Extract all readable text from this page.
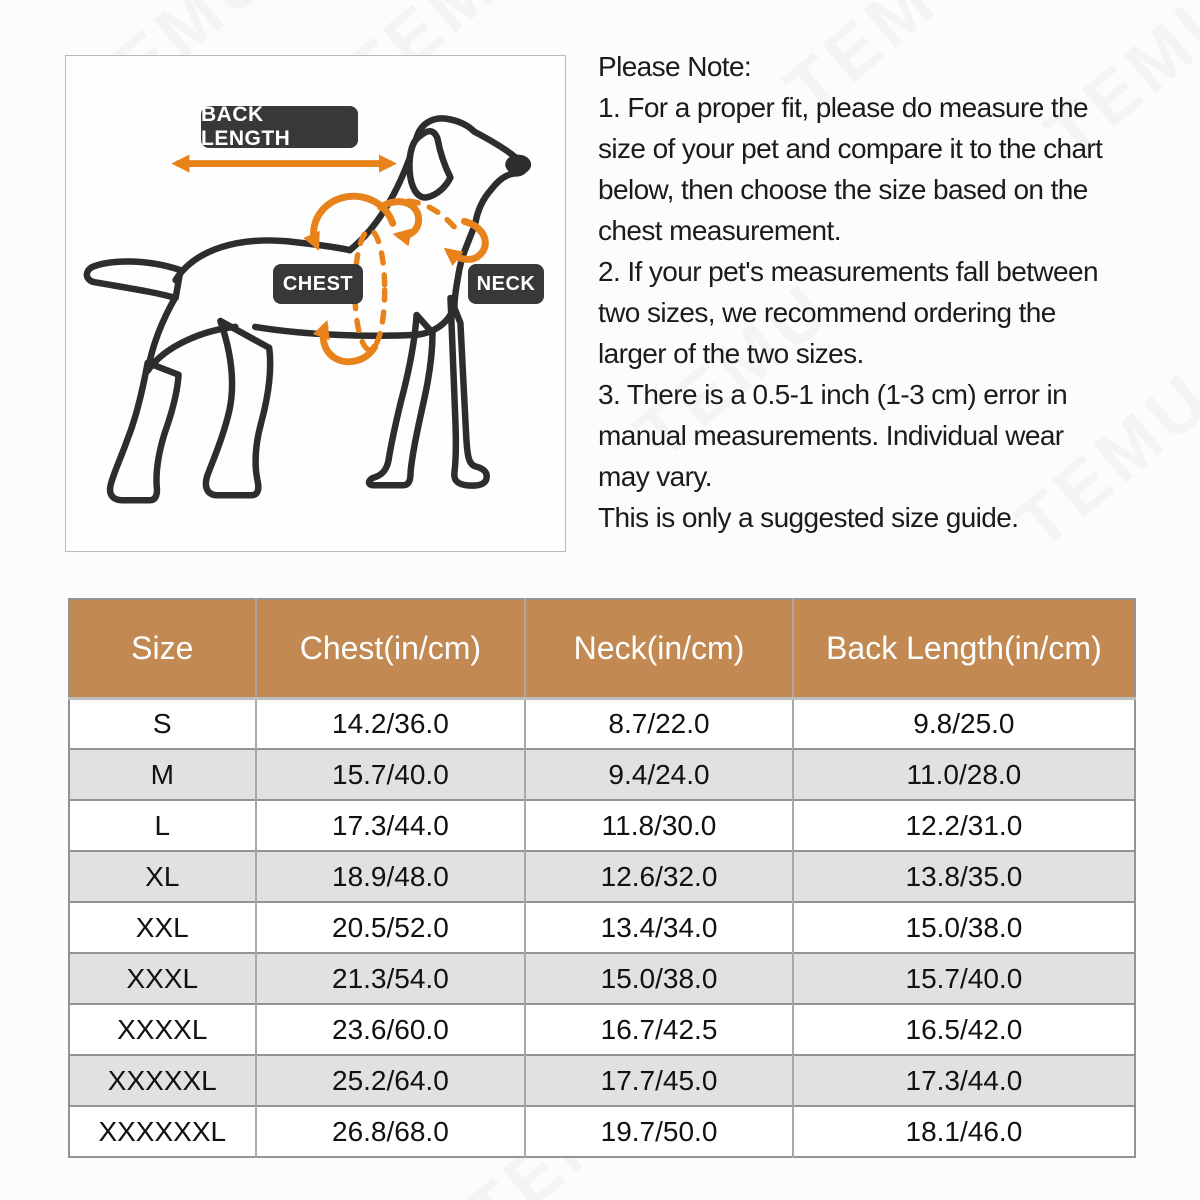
BACK LENGTH
CHEST	NECK
Please Note:
1. For a proper fit, please do measure the
size of your pet and compare it to the chart
below, then choose the size based on the
chest measurement.
2. If your pet's measurements fall between
two sizes, we recommend ordering the
larger of the two sizes.
3. There is a 0.5-1 inch (1-3 cm) error in
manual measurements. Individual wear
may vary.
This is only a suggested size guide.
Size	Chest(in/cm)	Neck(in/cm)	Back Length(in/cm)
S	14.2/36.0	8.7/22.0	9.8/25.0
M	15.7/40.0	9.4/24.0	11.0/28.0
L	17.3/44.0	11.8/30.0	12.2/31.0
XL	18.9/48.0	12.6/32.0	13.8/35.0
XXL	20.5/52.0	13.4/34.0	15.0/38.0
XXXL	21.3/54.0	15.0/38.0	15.7/40.0
XXXXL	23.6/60.0	16.7/42.5	16.5/42.0
XXXXXL	25.2/64.0	17.7/45.0	17.3/44.0
XXXXXXL	26.8/68.0	19.7/50.0	18.1/46.0
